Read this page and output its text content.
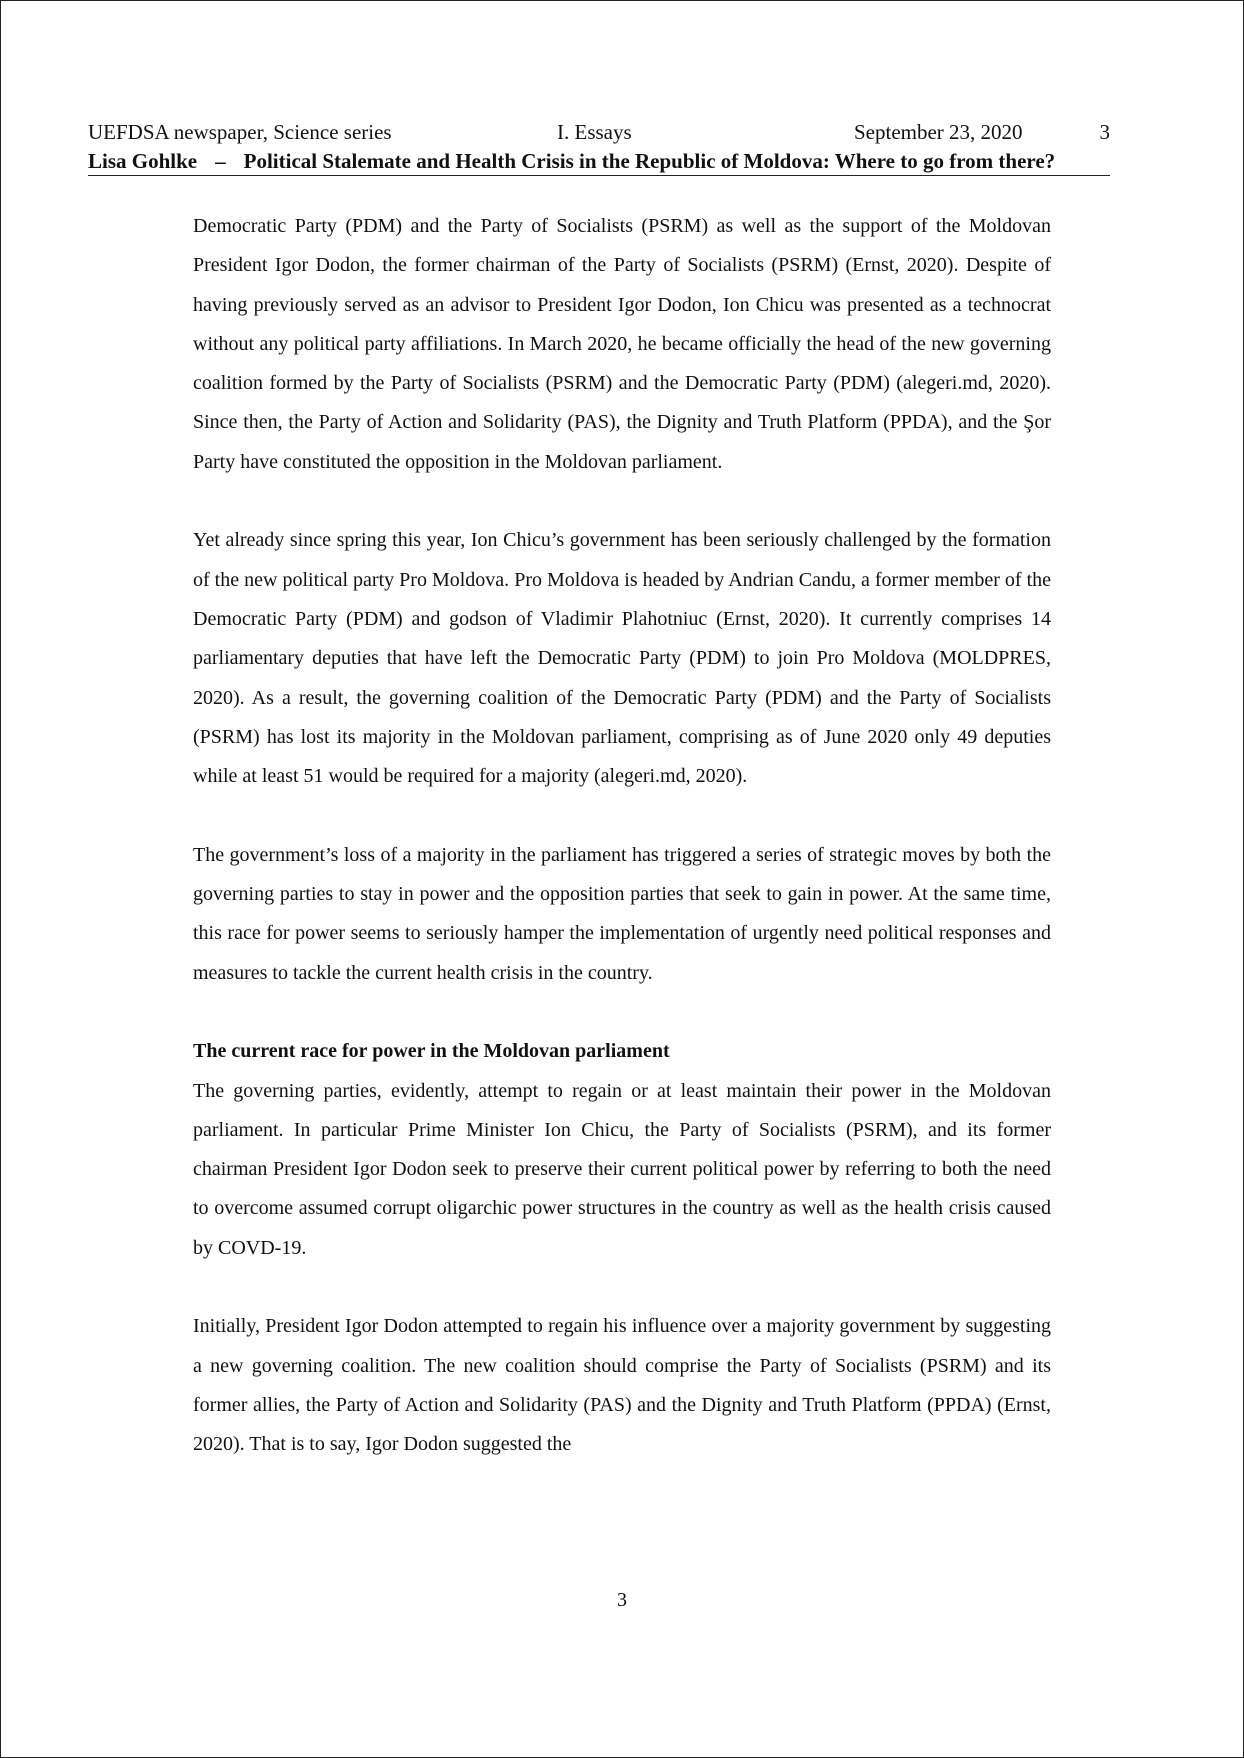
UEFDSA newspaper, Science series	I. Essays	September 23, 2020	3
Lisa Gohlke – Political Stalemate and Health Crisis in the Republic of Moldova: Where to go from there?

Democratic Party (PDM) and the Party of Socialists (PSRM) as well as the support of the Moldovan President Igor Dodon, the former chairman of the Party of Socialists (PSRM) (Ernst, 2020). Despite of having previously served as an advisor to President Igor Dodon, Ion Chicu was presented as a technocrat without any political party affiliations. In March 2020, he became officially the head of the new governing coalition formed by the Party of Socialists (PSRM) and the Democratic Party (PDM) (alegeri.md, 2020). Since then, the Party of Action and Solidarity (PAS), the Dignity and Truth Platform (PPDA), and the Şor Party have constituted the opposition in the Moldovan parliament.

Yet already since spring this year, Ion Chicu’s government has been seriously challenged by the formation of the new political party Pro Moldova. Pro Moldova is headed by Andrian Candu, a former member of the Democratic Party (PDM) and godson of Vladimir Plahotniuc (Ernst, 2020). It currently comprises 14 parliamentary deputies that have left the Democratic Party (PDM) to join Pro Moldova (MOLDPRES, 2020). As a result, the governing coalition of the Democratic Party (PDM) and the Party of Socialists (PSRM) has lost its majority in the Moldovan parliament, comprising as of June 2020 only 49 deputies while at least 51 would be required for a majority (alegeri.md, 2020).

The government’s loss of a majority in the parliament has triggered a series of strategic moves by both the governing parties to stay in power and the opposition parties that seek to gain in power. At the same time, this race for power seems to seriously hamper the implementation of urgently need political responses and measures to tackle the current health crisis in the country.

The current race for power in the Moldovan parliament

The governing parties, evidently, attempt to regain or at least maintain their power in the Moldovan parliament. In particular Prime Minister Ion Chicu, the Party of Socialists (PSRM), and its former chairman President Igor Dodon seek to preserve their current political power by referring to both the need to overcome assumed corrupt oligarchic power structures in the country as well as the health crisis caused by COVD-19.

Initially, President Igor Dodon attempted to regain his influence over a majority government by suggesting a new governing coalition. The new coalition should comprise the Party of Socialists (PSRM) and its former allies, the Party of Action and Solidarity (PAS) and the Dignity and Truth Platform (PPDA) (Ernst, 2020). That is to say, Igor Dodon suggested the

3
